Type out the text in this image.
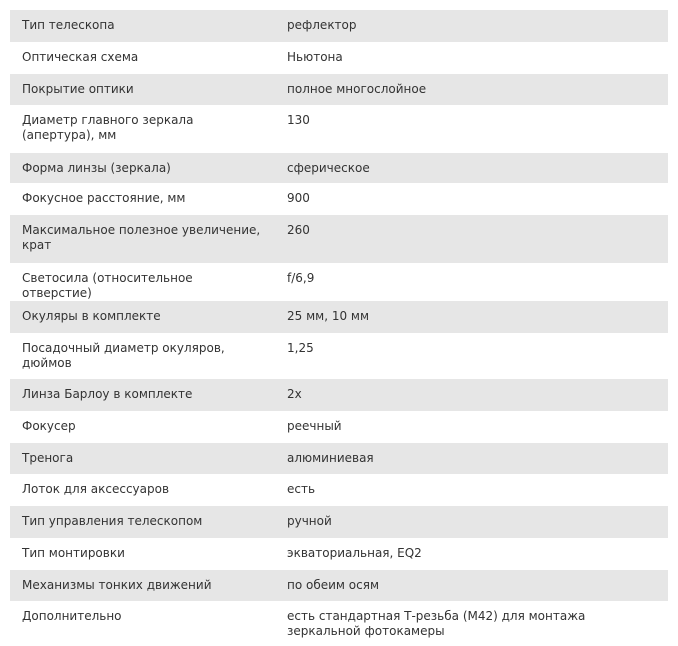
Тип телескопа	рефлектор
Оптическая схема	Ньютона
Покрытие оптики	полное многослойное
Диаметр главного зеркала (апертура), мм	130
Форма линзы (зеркала)	сферическое
Фокусное расстояние, мм	900
Максимальное полезное увеличение, крат	260
Светосила (относительное отверстие)	f/6,9
Окуляры в комплекте	25 мм, 10 мм
Посадочный диаметр окуляров, дюймов	1,25
Линза Барлоу в комплекте	2x
Фокусер	реечный
Тренога	алюминиевая
Лоток для аксессуаров	есть
Тип управления телескопом	ручной
Тип монтировки	экваториальная, EQ2
Механизмы тонких движений	по обеим осям
Дополнительно	есть стандартная Т-резьба (М42) для монтажа зеркальной фотокамеры
